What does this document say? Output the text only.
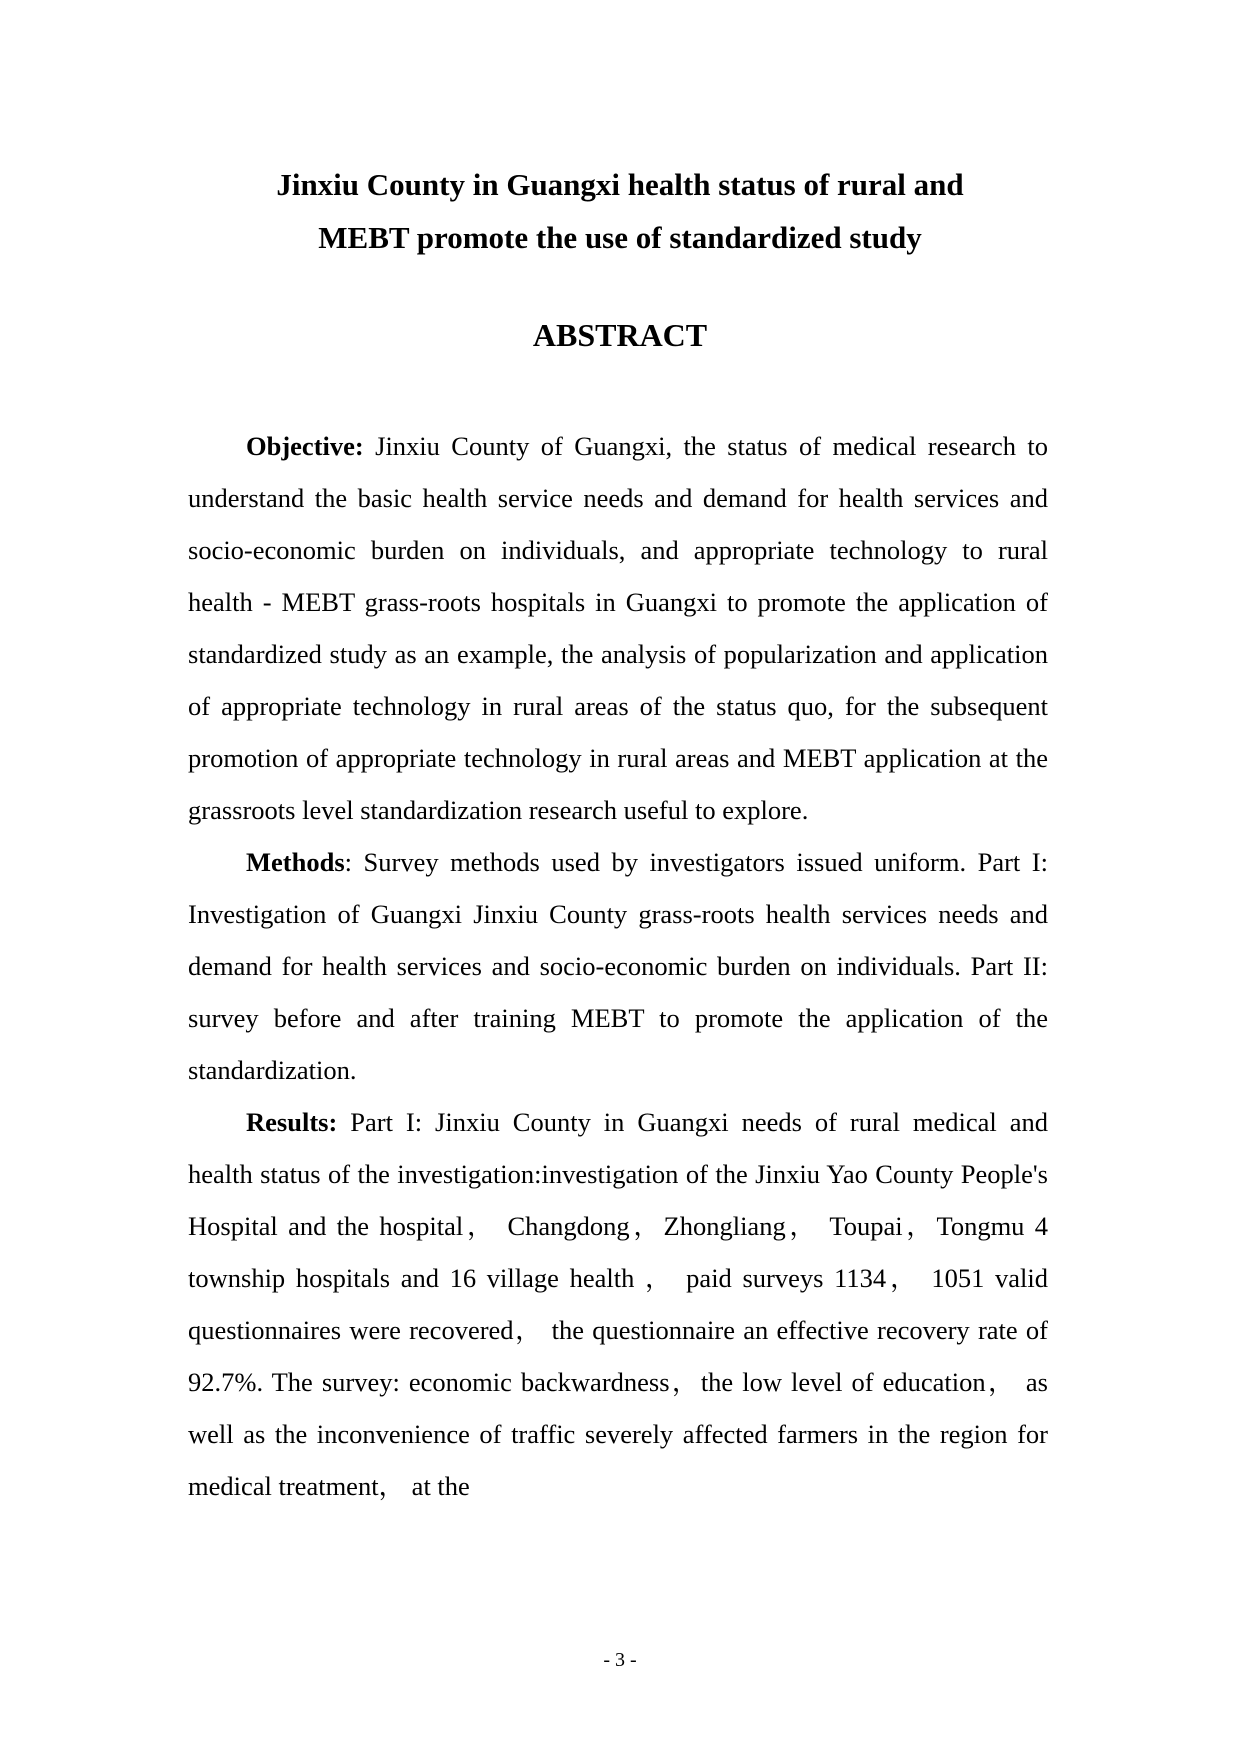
Jinxiu County in Guangxi health status of rural and
MEBT promote the use of standardized study
ABSTRACT

Objective: Jinxiu County of Guangxi, the status of medical research to understand the basic health service needs and demand for health services and socio-economic burden on individuals, and appropriate technology to rural health - MEBT grass-roots hospitals in Guangxi to promote the application of standardized study as an example, the analysis of popularization and application of appropriate technology in rural areas of the status quo, for the subsequent promotion of appropriate technology in rural areas and MEBT application at the grassroots level standardization research useful to explore.

Methods: Survey methods used by investigators issued uniform. Part I: Investigation of Guangxi Jinxiu County grass-roots health services needs and demand for health services and socio-economic burden on individuals. Part II: survey before and after training MEBT to promote the application of the standardization.

Results: Part I: Jinxiu County in Guangxi needs of rural medical and health status of the investigation:investigation of the Jinxiu Yao County People's Hospital and the hospital， Changdong，Zhongliang， Toupai，Tongmu 4 township hospitals and 16 village health ， paid surveys 1134， 1051 valid questionnaires were recovered， the questionnaire an effective recovery rate of 92.7%. The survey: economic backwardness，the low level of education， as well as the inconvenience of traffic severely affected farmers in the region for medical treatment， at the

- 3 -
